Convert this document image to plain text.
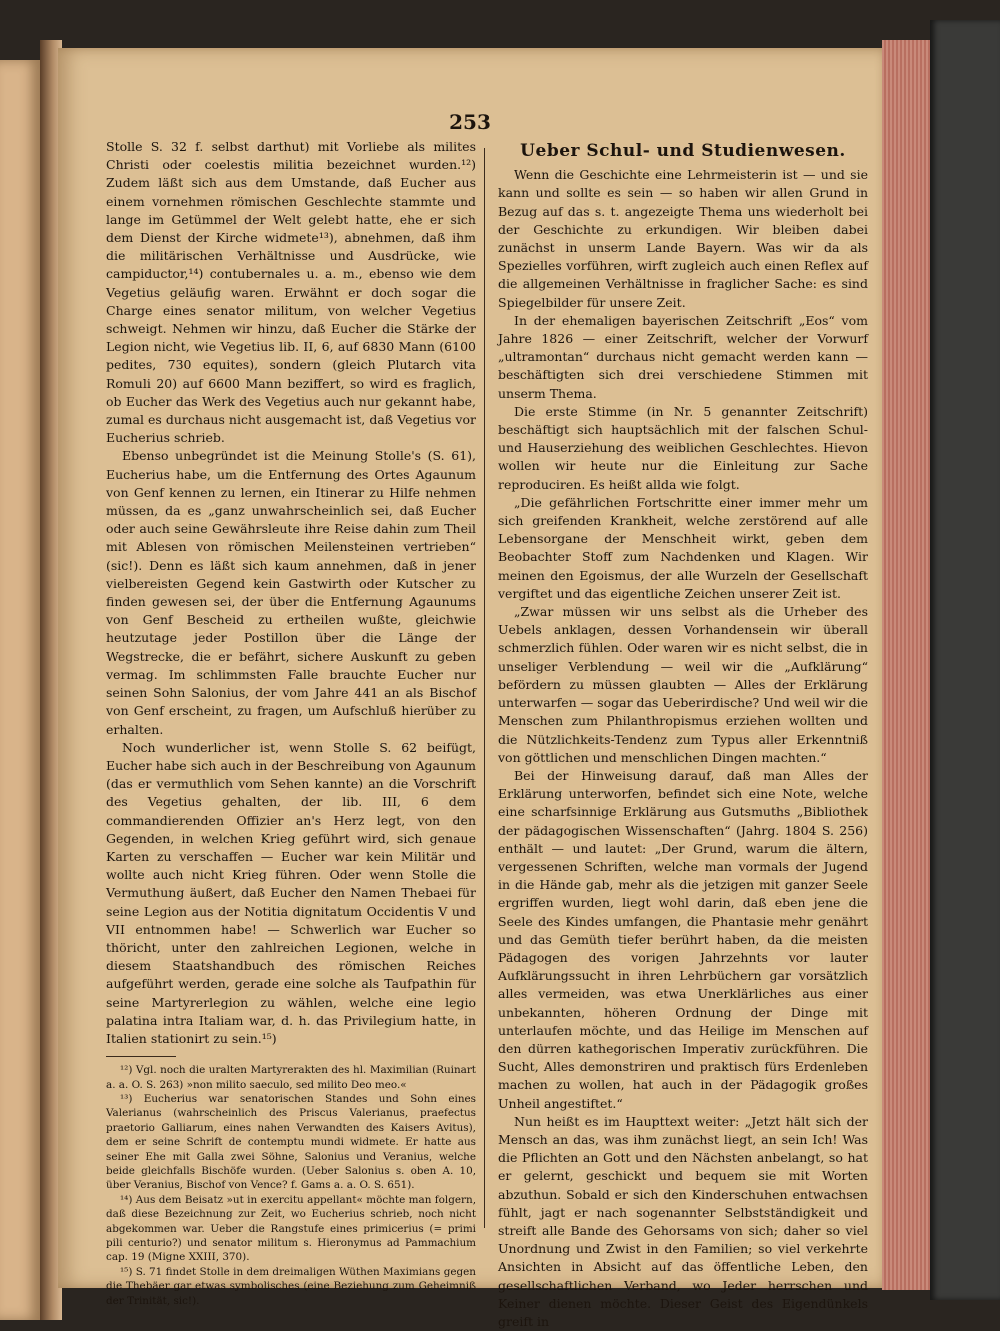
253

Stolle S. 32 f. selbst darthut) mit Vorliebe als milites Christi oder coelestis militia bezeichnet wurden.¹²) Zudem läßt sich aus dem Umstande, daß Eucher aus einem vornehmen römischen Geschlechte stammte und lange im Getümmel der Welt gelebt hatte, ehe er sich dem Dienst der Kirche widmete¹³), abnehmen, daß ihm die militärischen Verhältnisse und Ausdrücke, wie campiductor,¹⁴) contubernales u. a. m., ebenso wie dem Vegetius geläufig waren. Erwähnt er doch sogar die Charge eines senator militum, von welcher Vegetius schweigt. Nehmen wir hinzu, daß Eucher die Stärke der Legion nicht, wie Vegetius lib. II, 6, auf 6830 Mann (6100 pedites, 730 equites), sondern (gleich Plutarch vita Romuli 20) auf 6600 Mann beziffert, so wird es fraglich, ob Eucher das Werk des Vegetius auch nur gekannt habe, zumal es durchaus nicht ausgemacht ist, daß Vegetius vor Eucherius schrieb.

Ebenso unbegründet ist die Meinung Stolle's (S. 61), Eucherius habe, um die Entfernung des Ortes Agaunum von Genf kennen zu lernen, ein Itinerar zu Hilfe nehmen müssen, da es „ganz unwahrscheinlich sei, daß Eucher oder auch seine Gewährsleute ihre Reise dahin zum Theil mit Ablesen von römischen Meilensteinen vertrieben“ (sic!). Denn es läßt sich kaum annehmen, daß in jener vielbereisten Gegend kein Gastwirth oder Kutscher zu finden gewesen sei, der über die Entfernung Agaunums von Genf Bescheid zu ertheilen wußte, gleichwie heutzutage jeder Postillon über die Länge der Wegstrecke, die er befährt, sichere Auskunft zu geben vermag. Im schlimmsten Falle brauchte Eucher nur seinen Sohn Salonius, der vom Jahre 441 an als Bischof von Genf erscheint, zu fragen, um Aufschluß hierüber zu erhalten.

Noch wunderlicher ist, wenn Stolle S. 62 beifügt, Eucher habe sich auch in der Beschreibung von Agaunum (das er vermuthlich vom Sehen kannte) an die Vorschrift des Vegetius gehalten, der lib. III, 6 dem commandierenden Offizier an's Herz legt, von den Gegenden, in welchen Krieg geführt wird, sich genaue Karten zu verschaffen — Eucher war kein Militär und wollte auch nicht Krieg führen. Oder wenn Stolle die Vermuthung äußert, daß Eucher den Namen Thebaei für seine Legion aus der Notitia dignitatum Occidentis V und VII entnommen habe! — Schwerlich war Eucher so thöricht, unter den zahlreichen Legionen, welche in diesem Staatshandbuch des römischen Reiches aufgeführt werden, gerade eine solche als Taufpathin für seine Martyrerlegion zu wählen, welche eine legio palatina intra Italiam war, d. h. das Privilegium hatte, in Italien stationirt zu sein.¹⁵)

¹²) Vgl. noch die uralten Martyrerakten des hl. Maximilian (Ruinart a. a. O. S. 263) »non milito saeculo, sed milito Deo meo.«

¹³) Eucherius war senatorischen Standes und Sohn eines Valerianus (wahrscheinlich des Priscus Valerianus, praefectus praetorio Galliarum, eines nahen Verwandten des Kaisers Avitus), dem er seine Schrift de contemptu mundi widmete. Er hatte aus seiner Ehe mit Galla zwei Söhne, Salonius und Veranius, welche beide gleichfalls Bischöfe wurden. (Ueber Salonius s. oben A. 10, über Veranius, Bischof von Vence? f. Gams a. a. O. S. 651).

¹⁴) Aus dem Beisatz »ut in exercitu appellant« möchte man folgern, daß diese Bezeichnung zur Zeit, wo Eucherius schrieb, noch nicht abgekommen war. Ueber die Rangstufe eines primicerius (= primi pili centurio?) und senator militum s. Hieronymus ad Pammachium cap. 19 (Migne XXIII, 370).

¹⁵) S. 71 findet Stolle in dem dreimaligen Wüthen Maximians gegen die Thebäer gar etwas symbolisches (eine Beziehung zum Geheimniß der Trinität, sic!).

Ueber Schul- und Studienwesen.

Wenn die Geschichte eine Lehrmeisterin ist — und sie kann und sollte es sein — so haben wir allen Grund in Bezug auf das s. t. angezeigte Thema uns wiederholt bei der Geschichte zu erkundigen. Wir bleiben dabei zunächst in unserm Lande Bayern. Was wir da als Spezielles vorführen, wirft zugleich auch einen Reflex auf die allgemeinen Verhältnisse in fraglicher Sache: es sind Spiegelbilder für unsere Zeit.

In der ehemaligen bayerischen Zeitschrift „Eos“ vom Jahre 1826 — einer Zeitschrift, welcher der Vorwurf „ultramontan“ durchaus nicht gemacht werden kann — beschäftigten sich drei verschiedene Stimmen mit unserm Thema.

Die erste Stimme (in Nr. 5 genannter Zeitschrift) beschäftigt sich hauptsächlich mit der falschen Schul- und Hauserziehung des weiblichen Geschlechtes. Hievon wollen wir heute nur die Einleitung zur Sache reproduciren. Es heißt allda wie folgt.

„Die gefährlichen Fortschritte einer immer mehr um sich greifenden Krankheit, welche zerstörend auf alle Lebensorgane der Menschheit wirkt, geben dem Beobachter Stoff zum Nachdenken und Klagen. Wir meinen den Egoismus, der alle Wurzeln der Gesellschaft vergiftet und das eigentliche Zeichen unserer Zeit ist.

„Zwar müssen wir uns selbst als die Urheber des Uebels anklagen, dessen Vorhandensein wir überall schmerzlich fühlen. Oder waren wir es nicht selbst, die in unseliger Verblendung — weil wir die „Aufklärung“ befördern zu müssen glaubten — Alles der Erklärung unterwarfen — sogar das Ueberirdische? Und weil wir die Menschen zum Philanthropismus erziehen wollten und die Nützlichkeits-Tendenz zum Typus aller Erkenntniß von göttlichen und menschlichen Dingen machten.“

Bei der Hinweisung darauf, daß man Alles der Erklärung unterworfen, befindet sich eine Note, welche eine scharfsinnige Erklärung aus Gutsmuths „Bibliothek der pädagogischen Wissenschaften“ (Jahrg. 1804 S. 256) enthält — und lautet: „Der Grund, warum die ältern, vergessenen Schriften, welche man vormals der Jugend in die Hände gab, mehr als die jetzigen mit ganzer Seele ergriffen wurden, liegt wohl darin, daß eben jene die Seele des Kindes umfangen, die Phantasie mehr genährt und das Gemüth tiefer berührt haben, da die meisten Pädagogen des vorigen Jahrzehnts vor lauter Aufklärungssucht in ihren Lehrbüchern gar vorsätzlich alles vermeiden, was etwa Unerklärliches aus einer unbekannten, höheren Ordnung der Dinge mit unterlaufen möchte, und das Heilige im Menschen auf den dürren kathegorischen Imperativ zurückführen. Die Sucht, Alles demonstriren und praktisch fürs Erdenleben machen zu wollen, hat auch in der Pädagogik großes Unheil angestiftet.“

Nun heißt es im Haupttext weiter: „Jetzt hält sich der Mensch an das, was ihm zunächst liegt, an sein Ich! Was die Pflichten an Gott und den Nächsten anbelangt, so hat er gelernt, geschickt und bequem sie mit Worten abzuthun. Sobald er sich den Kinderschuhen entwachsen fühlt, jagt er nach sogenannter Selbstständigkeit und streift alle Bande des Gehorsams von sich; daher so viel Unordnung und Zwist in den Familien; so viel verkehrte Ansichten in Absicht auf das öffentliche Leben, den gesellschaftlichen Verband, wo Jeder herrschen und Keiner dienen möchte. Dieser Geist des Eigendünkels greift in
